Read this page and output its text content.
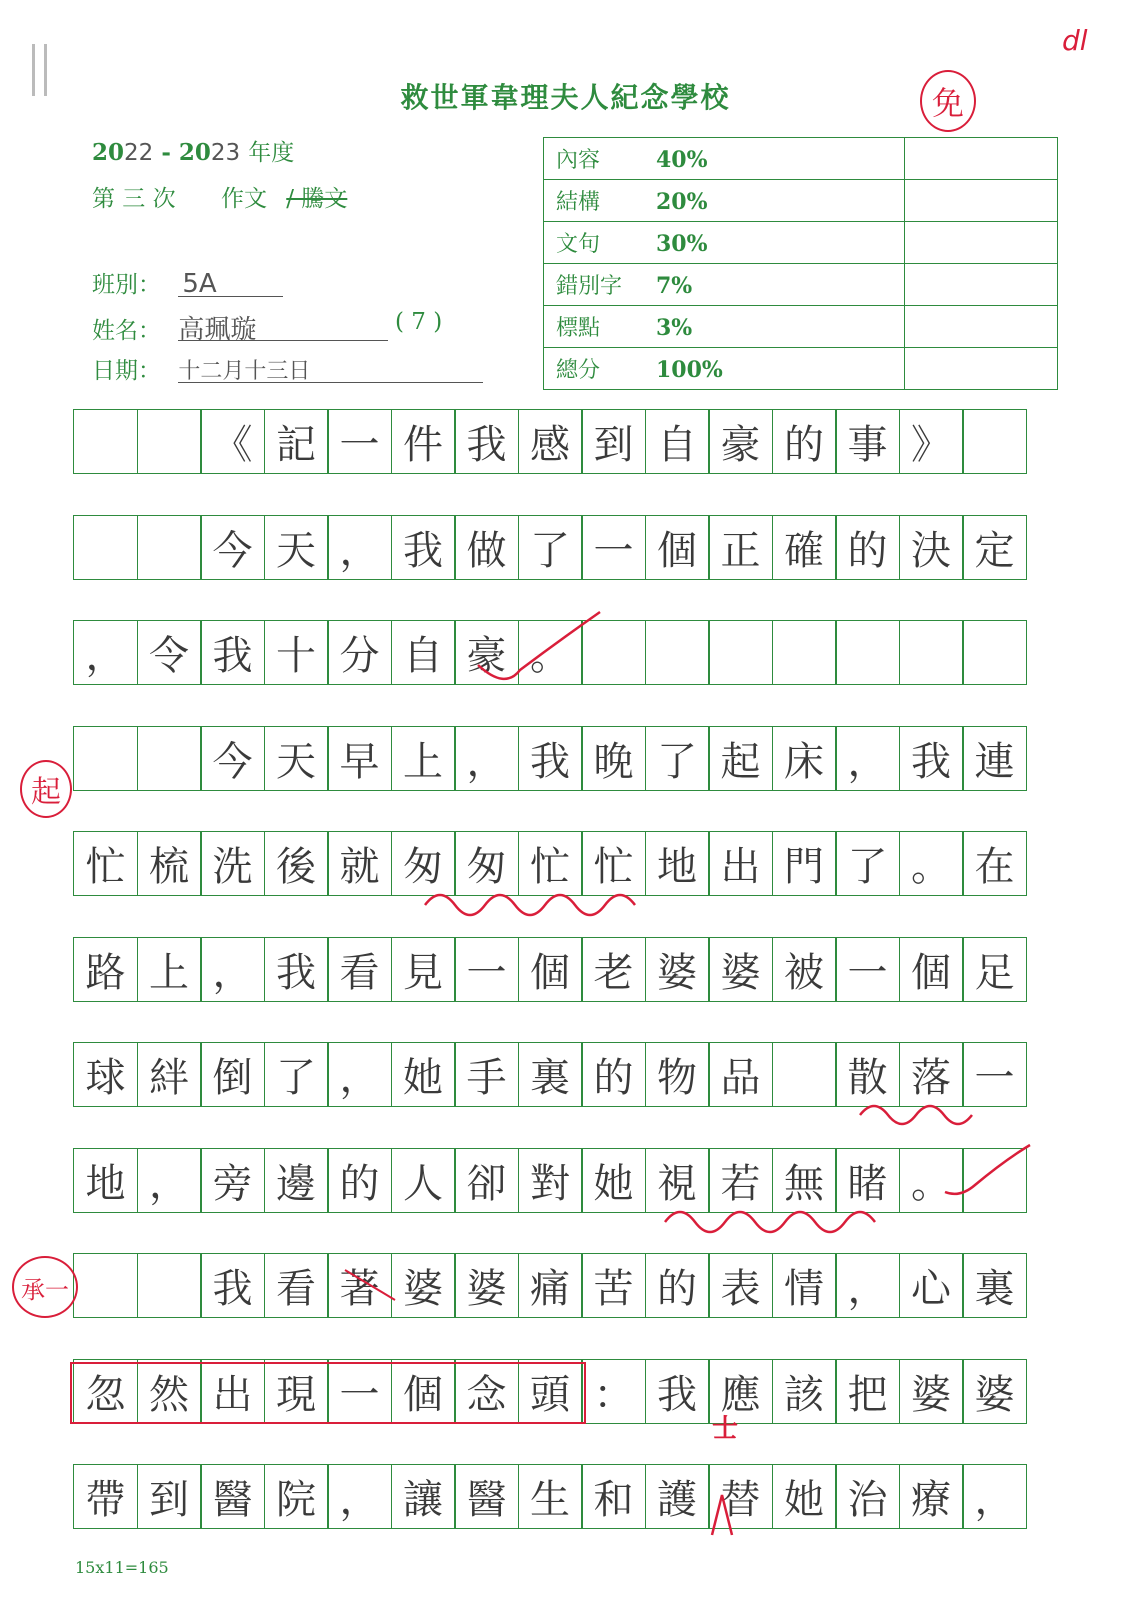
救世軍韋理夫人紀念學校
2022 - 2023 年度
第 三 次 作文 / 騰文
班別： 5A
姓名： 高珮璇	( 7 )
日期： 十二月十三日
內容 40%	
結構 20%	
文句 30%	
錯別字 7%	
標點 3%	
總分 100%	
《 記 一 件 我 感 到 自 豪 的 事 》
今 天 ， 我 做 了 一 個 正 確 的 決 定
， 令 我 十 分 自 豪 。
今 天 早 上 ， 我 晚 了 起 床 ， 我 連
忙 梳 洗 後 就 匆 匆 忙 忙 地 出 門 了 。 在
路 上 ， 我 看 見 一 個 老 婆 婆 被 一 個 足
球 絆 倒 了 ， 她 手 裏 的 物 品	散 落 一
地 ， 旁 邊 的 人 卻 對 她 視 若 無 睹 。
我 看 著 婆 婆 痛 苦 的 表 情 ， 心 裏
忽 然 出 現 一 個 念 頭 ： 我 應 該 把 婆 婆
帶 到 醫 院 ， 讓 醫 生 和 護 替 她 治 療 ，
15x11=165
免
dl
起
承一
士
